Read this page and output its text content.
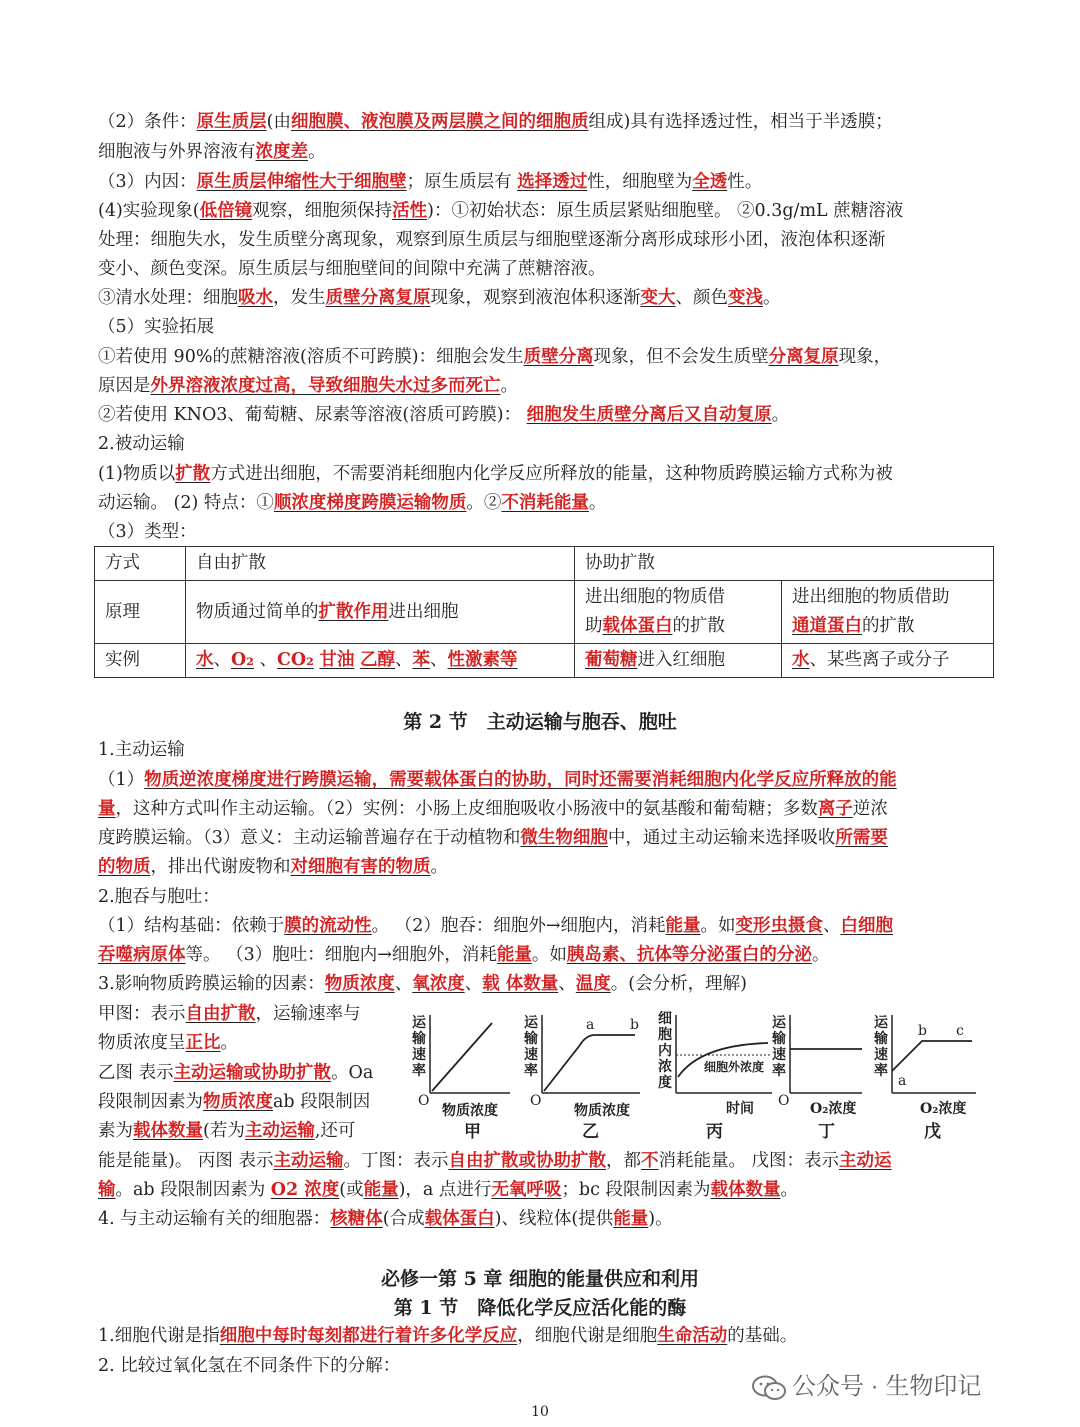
（2）条件：原生质层(由细胞膜、液泡膜及两层膜之间的细胞质组成)具有选择透过性，相当于半透膜；
细胞液与外界溶液有浓度差。
（3）内因：原生质层伸缩性大于细胞壁；原生质层有 选择透过性，细胞壁为全透性。
(4)实验现象(低倍镜观察，细胞须保持活性)：①初始状态：原生质层紧贴细胞壁。 ②0.3g/mL 蔗糖溶液
处理：细胞失水，发生质壁分离现象，观察到原生质层与细胞壁逐渐分离形成球形小团，液泡体积逐渐
变小、颜色变深。原生质层与细胞壁间的间隙中充满了蔗糖溶液。
③清水处理：细胞吸水，发生质壁分离复原现象，观察到液泡体积逐渐变大、颜色变浅。
（5）实验拓展
①若使用 90%的蔗糖溶液(溶质不可跨膜)：细胞会发生质壁分离现象，但不会发生质壁分离复原现象，
原因是外界溶液浓度过高，导致细胞失水过多而死亡。
②若使用 KNO3、葡萄糖、尿素等溶液(溶质可跨膜)： 细胞发生质壁分离后又自动复原。
2.被动运输
(1)物质以扩散方式进出细胞，不需要消耗细胞内化学反应所释放的能量，这种物质跨膜运输方式称为被
动运输。 (2) 特点：①顺浓度梯度跨膜运输物质。②不消耗能量。
（3）类型：
方式	自由扩散	协助扩散	
原理	物质通过简单的扩散作用进出细胞	进出细胞的物质借
助载体蛋白的扩散	进出细胞的物质借助
通道蛋白的扩散
实例	水、O₂ 、CO₂ 甘油 乙醇、苯、性激素等	葡萄糖进入红细胞	水、某些离子或分子
第 2 节　主动运输与胞吞、胞吐
1.主动运输
（1）物质逆浓度梯度进行跨膜运输，需要载体蛋白的协助，同时还需要消耗细胞内化学反应所释放的能
量，这种方式叫作主动运输。（2）实例：小肠上皮细胞吸收小肠液中的氨基酸和葡萄糖；多数离子逆浓
度跨膜运输。（3）意义：主动运输普遍存在于动植物和微生物细胞中，通过主动运输来选择吸收所需要
的物质，排出代谢废物和对细胞有害的物质。
2.胞吞与胞吐：
（1）结构基础：依赖于膜的流动性。 （2）胞吞：细胞外→细胞内，消耗能量。如变形虫摄食、白细胞
吞噬病原体等。 （3）胞吐：细胞内→细胞外，消耗能量。如胰岛素、抗体等分泌蛋白的分泌。
3.影响物质跨膜运输的因素：物质浓度、氧浓度、载 体数量、温度。(会分析，理解)
甲图：表示自由扩散，运输速率与
物质浓度呈正比。
乙图 表示主动运输或协助扩散。Oa
段限制因素为物质浓度ab 段限制因
素为载体数量(若为主动运输,还可
O
物质浓度
甲
a	b
O
物质浓度
乙
细胞外浓度
时间
丙
O O₂浓度
丁
a
b c
O₂浓度
戊
运输速率
运输速率
细胞内浓度
运输速率
运输速率
能是能量)。 丙图 表示主动运输。丁图：表示自由扩散或协助扩散，都不消耗能量。 戊图：表示主动运
输。ab 段限制因素为 O2 浓度(或能量)，a 点进行无氧呼吸；bc 段限制因素为载体数量。
4. 与主动运输有关的细胞器：核糖体(合成载体蛋白)、线粒体(提供能量)。
必修一第 5 章 细胞的能量供应和利用
第 1 节　降低化学反应活化能的酶
1.细胞代谢是指细胞中每时每刻都进行着许多化学反应，细胞代谢是细胞生命活动的基础。
2. 比较过氧化氢在不同条件下的分解：
公众号 · 生物印记
10
